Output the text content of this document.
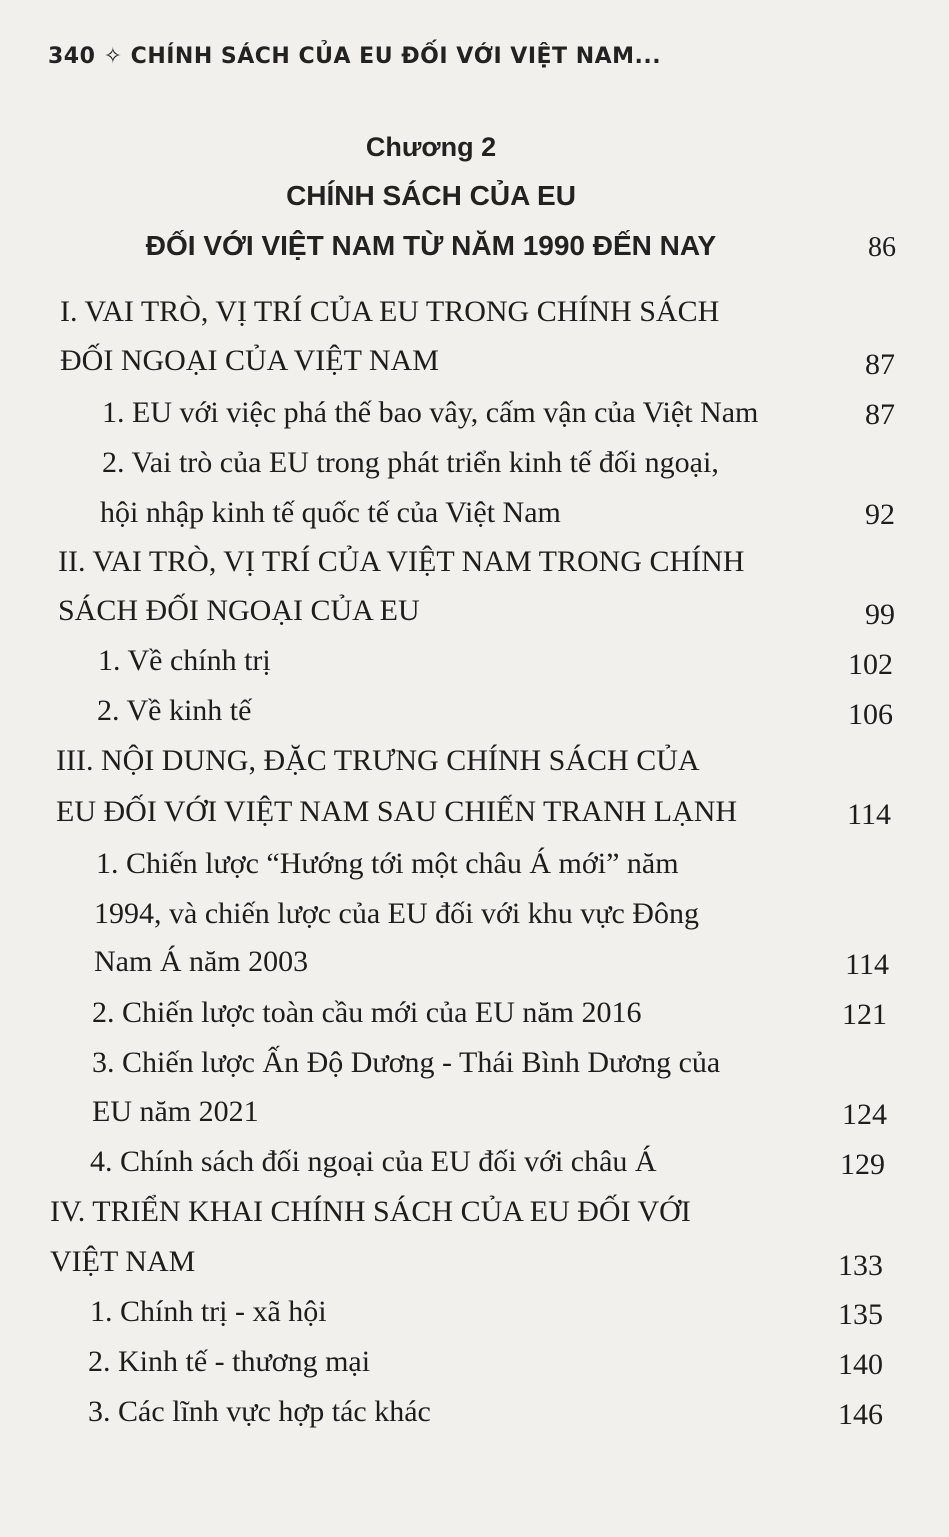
340 ✧ CHÍNH SÁCH CỦA EU ĐỐI VỚI VIỆT NAM...
Chương 2
CHÍNH SÁCH CỦA EU
ĐỐI VỚI VIỆT NAM TỪ NĂM 1990 ĐẾN NAY	86
I. VAI TRÒ, VỊ TRÍ CỦA EU TRONG CHÍNH SÁCH
ĐỐI NGOẠI CỦA VIỆT NAM	87
1. EU với việc phá thế bao vây, cấm vận của Việt Nam	87
2. Vai trò của EU trong phát triển kinh tế đối ngoại,
hội nhập kinh tế quốc tế của Việt Nam	92
II. VAI TRÒ, VỊ TRÍ CỦA VIỆT NAM TRONG CHÍNH
SÁCH ĐỐI NGOẠI CỦA EU	99
1. Về chính trị	102
2. Về kinh tế	106
III. NỘI DUNG, ĐẶC TRƯNG CHÍNH SÁCH CỦA
EU ĐỐI VỚI VIỆT NAM SAU CHIẾN TRANH LẠNH	114
1. Chiến lược “Hướng tới một châu Á mới” năm
1994, và chiến lược của EU đối với khu vực Đông
Nam Á năm 2003	114
2. Chiến lược toàn cầu mới của EU năm 2016	121
3. Chiến lược Ấn Độ Dương - Thái Bình Dương của
EU năm 2021	124
4. Chính sách đối ngoại của EU đối với châu Á	129
IV. TRIỂN KHAI CHÍNH SÁCH CỦA EU ĐỐI VỚI
VIỆT NAM	133
1. Chính trị - xã hội	135
2. Kinh tế - thương mại	140
3. Các lĩnh vực hợp tác khác	146
